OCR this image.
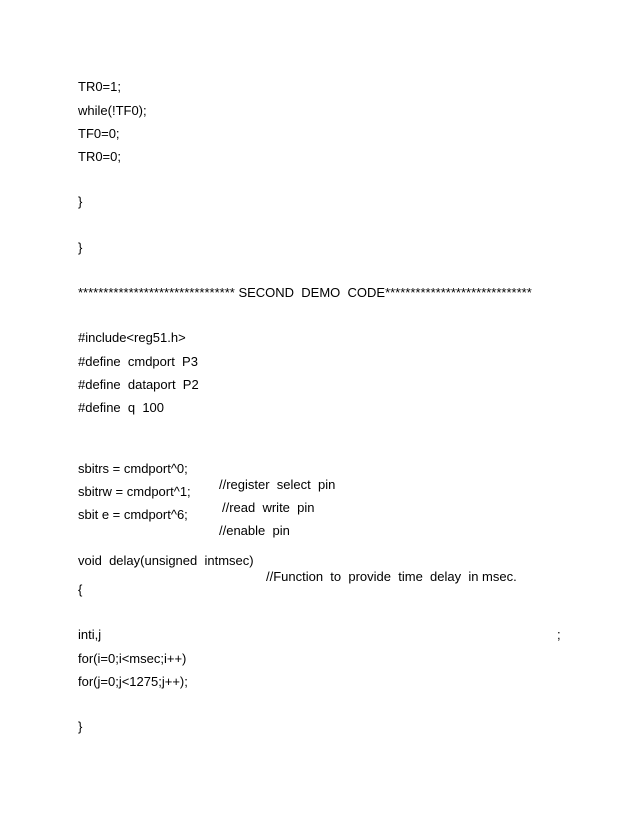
TR0=1;
while(!TF0);
TF0=0;
TR0=0;
}
}
******************************* SECOND  DEMO  CODE*****************************
#include<reg51.h>
#define  cmdport  P3
#define  dataport  P2
#define  q  100

sbitrs = cmdport^0;

//register  select  pin

sbitrw = cmdport^1;

//read  write  pin

sbit e = cmdport^6;

//enable  pin

void  delay(unsigned  intmsec)

//Function  to  provide  time  delay  in msec.

{
inti,j	;
for(i=0;i<msec;i++)
for(j=0;j<1275;j++);
}
